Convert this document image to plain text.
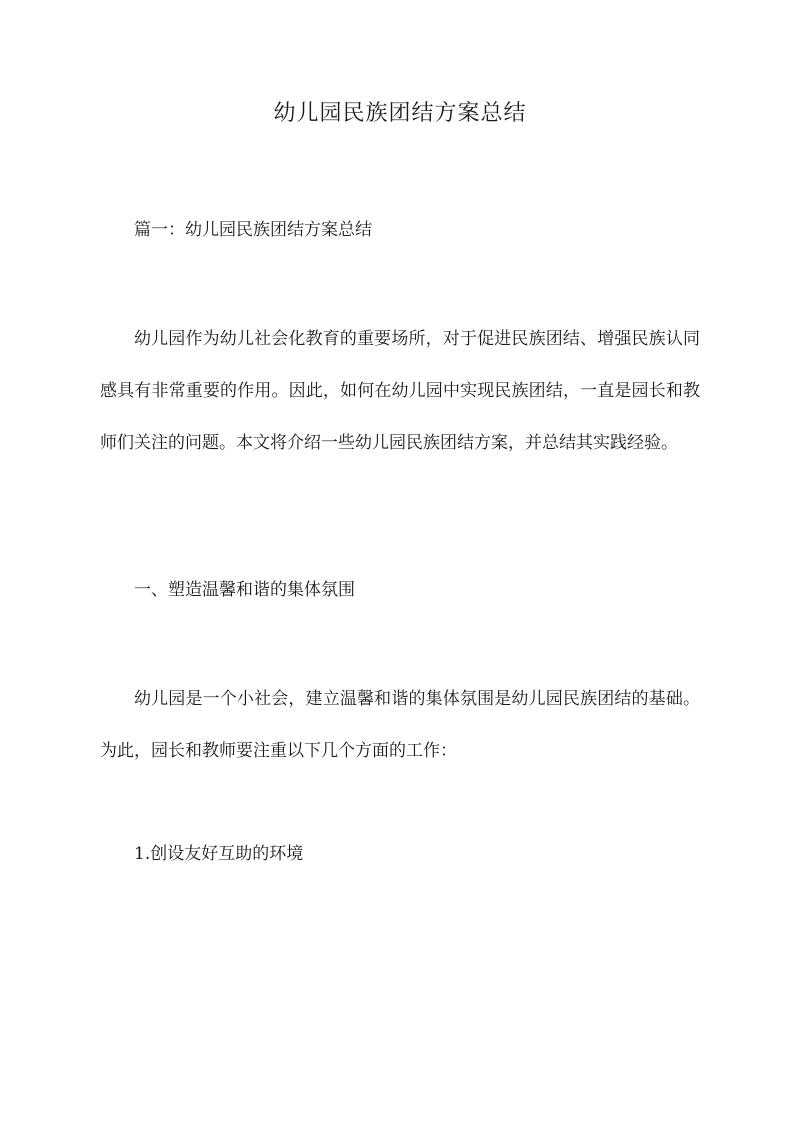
幼儿园民族团结方案总结
篇一：幼儿园民族团结方案总结

幼儿园作为幼儿社会化教育的重要场所，对于促进民族团结、增强民族认同感具有非常重要的作用。因此，如何在幼儿园中实现民族团结，一直是园长和教师们关注的问题。本文将介绍一些幼儿园民族团结方案，并总结其实践经验。

一、塑造温馨和谐的集体氛围

幼儿园是一个小社会，建立温馨和谐的集体氛围是幼儿园民族团结的基础。为此，园长和教师要注重以下几个方面的工作：

1.创设友好互助的环境
